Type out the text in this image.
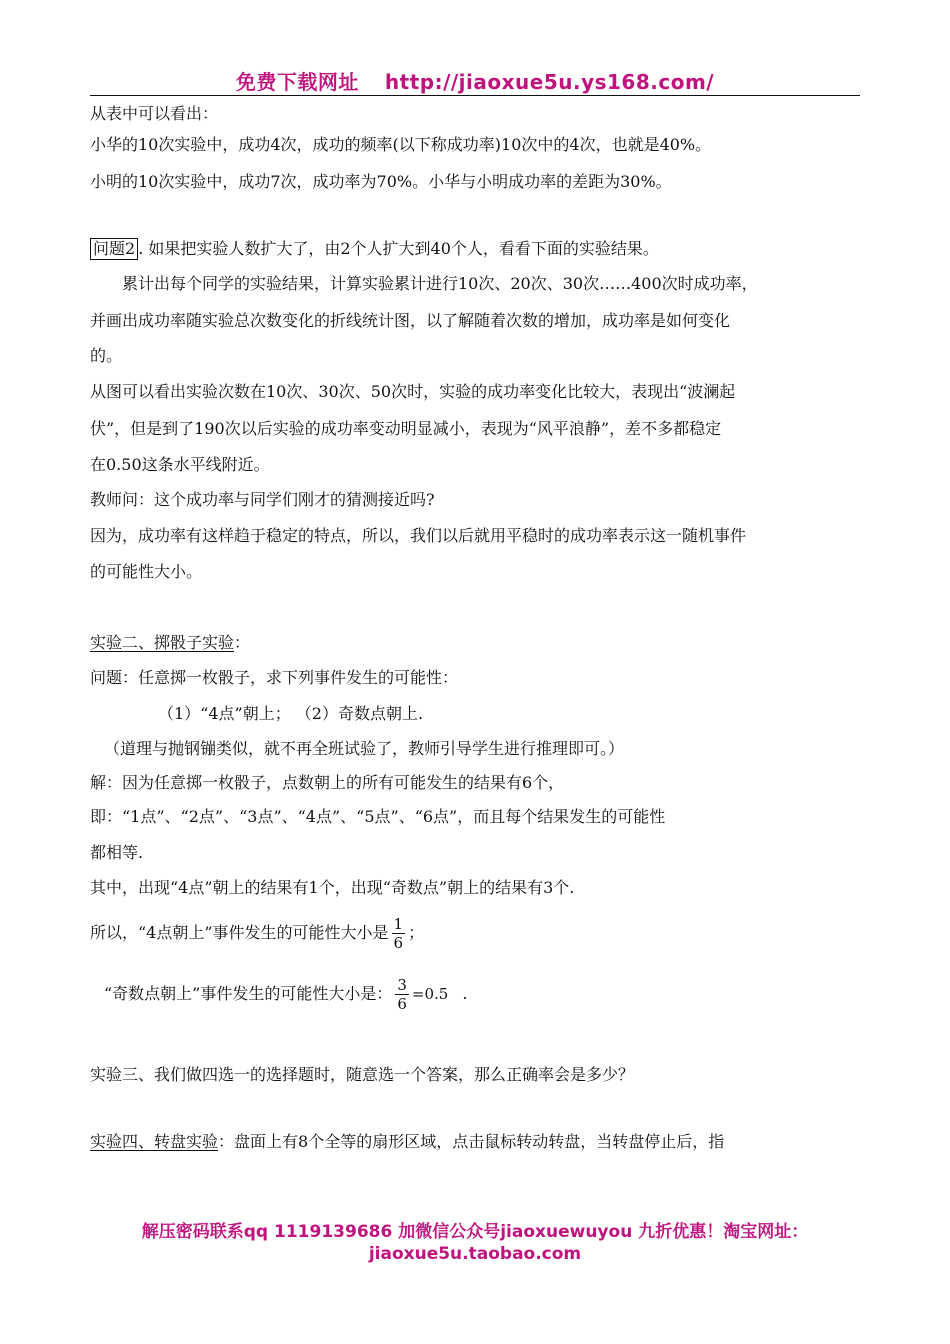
免费下载网址 http://jiaoxue5u.ys168.com/
从表中可以看出：
小华的10次实验中，成功4次，成功的频率(以下称成功率)10次中的4次，也就是40%。
小明的10次实验中，成功7次，成功率为70%。小华与小明成功率的差距为30%。
问题2 . 如果把实验人数扩大了，由2个人扩大到40个人，看看下面的实验结果。
累计出每个同学的实验结果，计算实验累计进行10次、20次、30次……400次时成功率，
并画出成功率随实验总次数变化的折线统计图，以了解随着次数的增加，成功率是如何变化
的。
从图可以看出实验次数在10次、30次、50次时，实验的成功率变化比较大，表现出“波澜起
伏”，但是到了190次以后实验的成功率变动明显减小，表现为“风平浪静”，差不多都稳定
在0.50这条水平线附近。
教师问：这个成功率与同学们刚才的猜测接近吗?
因为，成功率有这样趋于稳定的特点，所以，我们以后就用平稳时的成功率表示这一随机事件
的可能性大小。
实验二、掷骰子实验：
问题：任意掷一枚骰子，求下列事件发生的可能性：
（1）“4点”朝上； （2）奇数点朝上.
（道理与抛钢镚类似，就不再全班试验了，教师引导学生进行推理即可。）
解：因为任意掷一枚骰子，点数朝上的所有可能发生的结果有6个，
即：“1点”、“2点”、“3点”、“4点”、“5点”、“6点”，而且每个结果发生的可能性
都相等.
其中，出现“4点”朝上的结果有1个，出现“奇数点”朝上的结果有3个.
所以，“4点朝上”事件发生的可能性大小是 $\frac{1}{6}$ ；
“奇数点朝上”事件发生的可能性大小是： $\frac{3}{6} =0.5$ .
实验三、我们做四选一的选择题时，随意选一个答案，那么正确率会是多少？
实验四、转盘实验：盘面上有8个全等的扇形区域，点击鼠标转动转盘，当转盘停止后，指
解压密码联系qq 1119139686 加微信公众号jiaoxuewuyou 九折优惠！淘宝网址：
jiaoxue5u.taobao.com
